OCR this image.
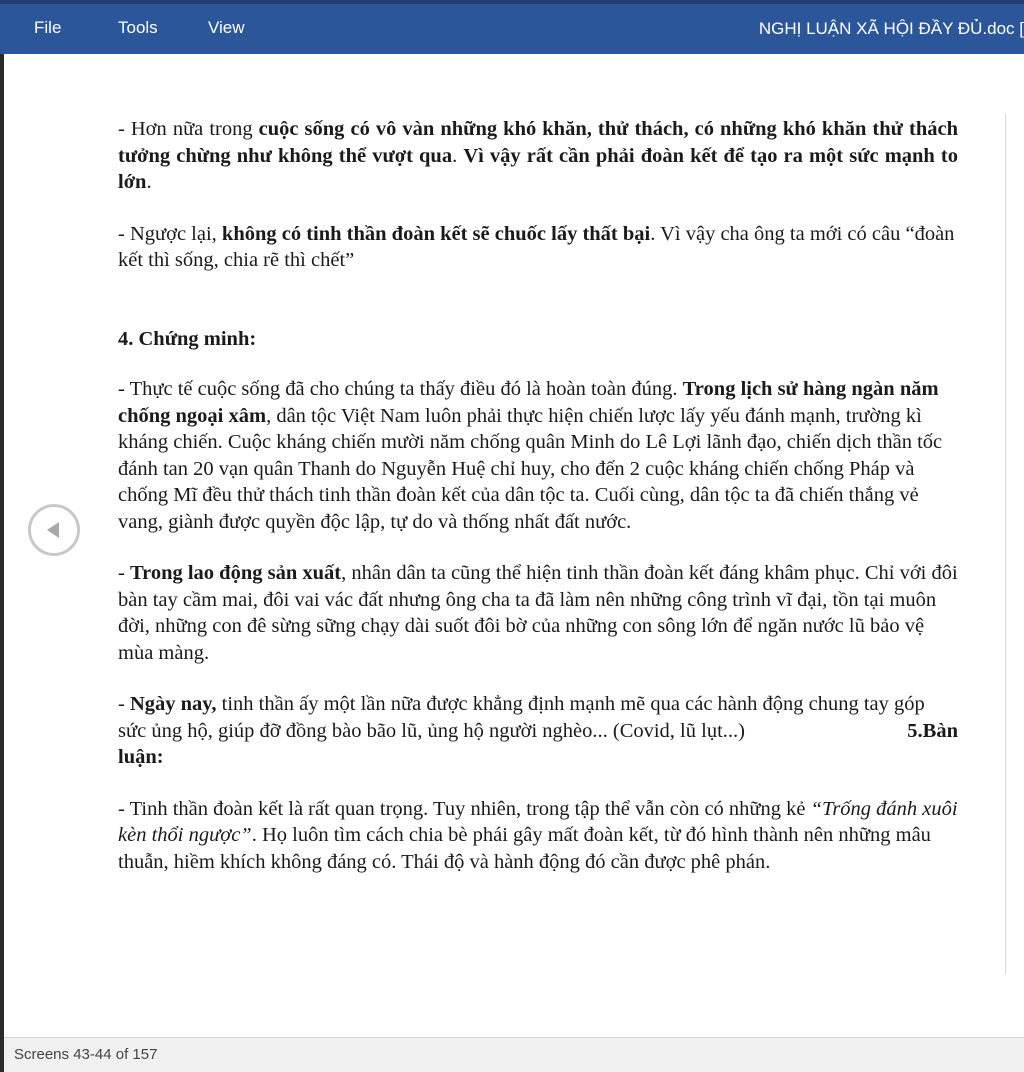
File	Tools	View	NGHỊ LUẬN XÃ HỘI ĐẦY ĐỦ.doc [

- Hơn nữa trong cuộc sống có vô vàn những khó khăn, thử thách, có những khó khăn thử thách tưởng chừng như không thể vượt qua. Vì vậy rất cần phải đoàn kết để tạo ra một sức mạnh to lớn.

- Ngược lại, không có tinh thần đoàn kết sẽ chuốc lấy thất bại. Vì vậy cha ông ta mới có câu “đoàn kết thì sống, chia rẽ thì chết”

4. Chứng minh:

- Thực tế cuộc sống đã cho chúng ta thấy điều đó là hoàn toàn đúng. Trong lịch sử hàng ngàn năm chống ngoại xâm, dân tộc Việt Nam luôn phải thực hiện chiến lược lấy yếu đánh mạnh, trường kì kháng chiến. Cuộc kháng chiến mười năm chống quân Minh do Lê Lợi lãnh đạo, chiến dịch thần tốc đánh tan 20 vạn quân Thanh do Nguyễn Huệ chỉ huy, cho đến 2 cuộc kháng chiến chống Pháp và chống Mĩ đều thử thách tinh thần đoàn kết của dân tộc ta. Cuối cùng, dân tộc ta đã chiến thắng vẻ vang, giành được quyền độc lập, tự do và thống nhất đất nước.

- Trong lao động sản xuất, nhân dân ta cũng thể hiện tinh thần đoàn kết đáng khâm phục. Chỉ với đôi bàn tay cầm mai, đôi vai vác đất nhưng ông cha ta đã làm nên những công trình vĩ đại, tồn tại muôn đời, những con đê sừng sững chạy dài suốt đôi bờ của những con sông lớn để ngăn nước lũ bảo vệ mùa màng.

- Ngày nay, tinh thần ấy một lần nữa được khẳng định mạnh mẽ qua các hành động chung tay góp sức ủng hộ, giúp đỡ đồng bào bão lũ, ủng hộ người nghèo... (Covid, lũ lụt...)	5.Bàn

luận:

- Tinh thần đoàn kết là rất quan trọng. Tuy nhiên, trong tập thể vẫn còn có những kẻ “Trống đánh xuôi kèn thổi ngược”. Họ luôn tìm cách chia bè phái gây mất đoàn kết, từ đó hình thành nên những mâu thuẫn, hiềm khích không đáng có. Thái độ và hành động đó cần được phê phán.

Screens 43-44 of 157
